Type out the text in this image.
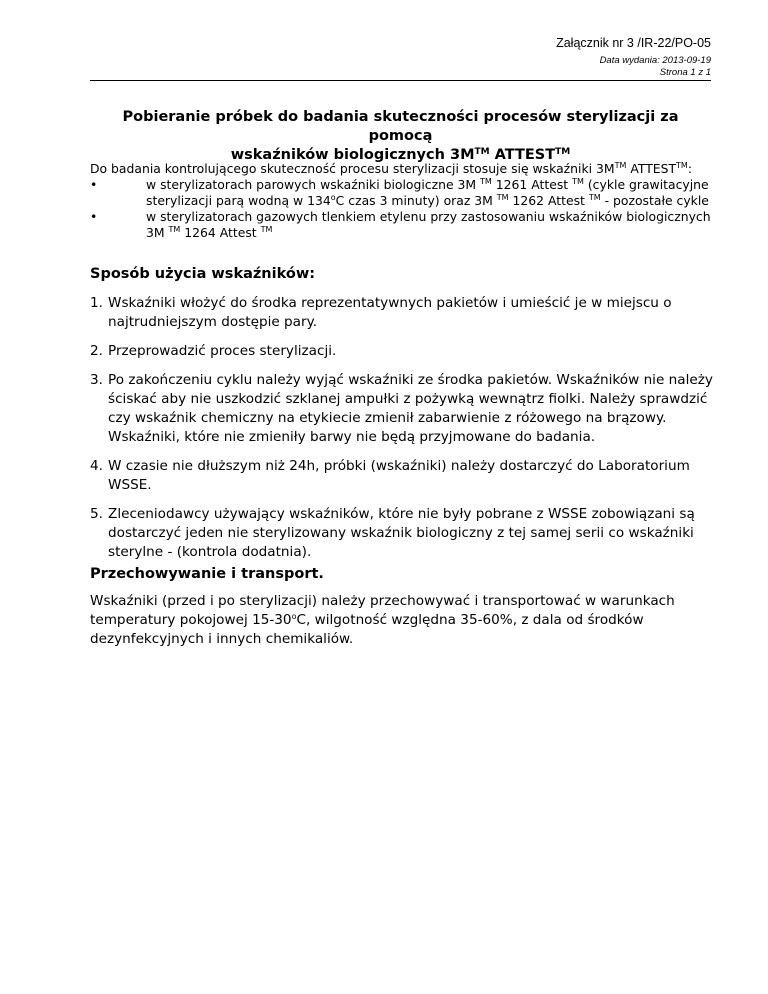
Załącznik nr 3 /IR-22/PO-05
Data wydania: 2013-09-19
Strona 1 z 1
Pobieranie próbek do badania skuteczności procesów sterylizacji za pomocą
wskaźników biologicznych 3M™ ATTEST™
Do badania kontrolującego skuteczność procesu sterylizacji stosuje się wskaźniki 3M™ ATTEST™:
•	w sterylizatorach parowych wskaźniki biologiczne 3M ™ 1261 Attest ™ (cykle grawitacyjne sterylizacji parą wodną w 134$^o$C czas 3 minuty) oraz 3M ™ 1262 Attest ™ - pozostałe cykle
•	w sterylizatorach gazowych tlenkiem etylenu przy zastosowaniu wskaźników biologicznych 3M ™ 1264 Attest ™
Sposób użycia wskaźników:
1. Wskaźniki włożyć do środka reprezentatywnych pakietów i umieścić je w miejscu o najtrudniejszym dostępie pary.
2. Przeprowadzić proces sterylizacji.
3. Po zakończeniu cyklu należy wyjąć wskaźniki ze środka pakietów. Wskaźników nie należy ściskać aby nie uszkodzić szklanej ampułki z pożywką wewnątrz fiolki. Należy sprawdzić czy wskaźnik chemiczny na etykiecie zmienił zabarwienie z różowego na brązowy. Wskaźniki, które nie zmieniły barwy nie będą przyjmowane do badania.
4. W czasie nie dłuższym niż 24h, próbki (wskaźniki) należy dostarczyć do Laboratorium WSSE.
5. Zleceniodawcy używający wskaźników, które nie były pobrane z WSSE zobowiązani są dostarczyć jeden nie sterylizowany wskaźnik biologiczny z tej samej serii co wskaźniki sterylne - (kontrola dodatnia).
Przechowywanie i transport.
Wskaźniki (przed i po sterylizacji) należy przechowywać i transportować w warunkach temperatury pokojowej 15-30$^o$C, wilgotność względna 35-60%, z dala od środków dezynfekcyjnych i innych chemikaliów.
